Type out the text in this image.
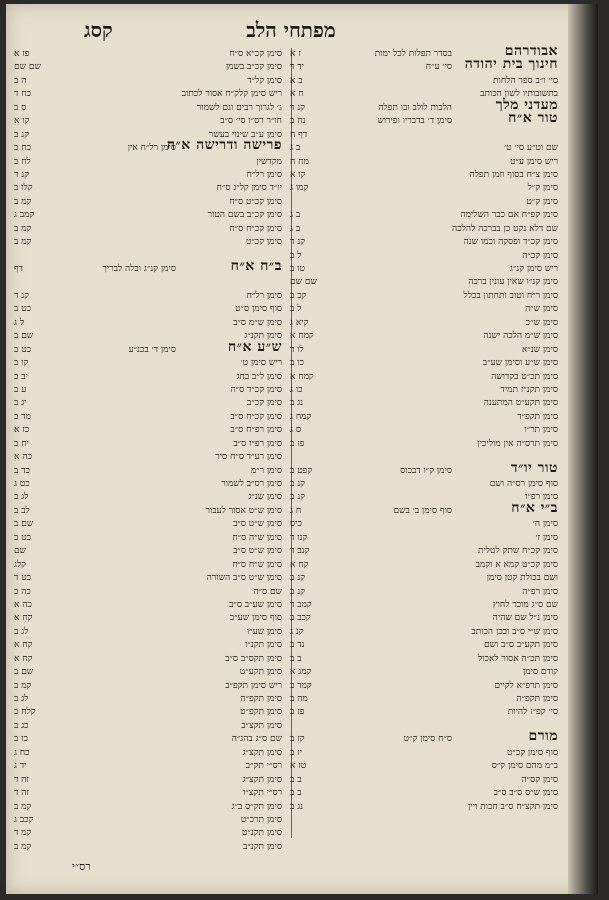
מפתחי הלב
קסג
אבודרהם
בסדר תפלות לכל ימות
ז א
חינוך בית יהודה
סי׳ ע״ח
יד ד
סי׳ ו״ב ספר הלחות
ב א
בתשובותיו לשון הכותב
ח א
מעדני מלך
הלכות לולב ובו תפלה
קנ ד
טור א״ח
סימן ד׳ בדבריו ופירוש
נח ב
דף ח
שם וט״ע סי׳ ט׳
ב ג
ריש סימן ע״ט
מח ח
סימן צ״ח בסוף וזמן תפלה
קו א
סימן ק״ל
קמו ג
סימן ק״ט
סימן קפ״ח אם כבר השלימה
ב ג
שם דלא נקט כן בברכה להלכה
ב ג
סימן קכ״ד ופסקה וכמו שנה
קנ ד
סימן קכ״ה
ל ב
ריש סימן קנ״ג
טו ב
סימן קנ״ו שאין עונין ברכה
שם שם
סימן ר״ח וטוב ותחתון בכלל
קכ ב
סימן ש״ה
ל ב
סימן ש״כ
קיא ג
סימן ש״מ הלכה ישנה
קמח א
סימן שנ״א
לו ד
סימן ש״ע וסימן שע״ב
כו ב
סימן תכ״ט בקדושה
קמח א
סימן תקנ״ז תמיד
כו ג
סימן תקע״ט המתענה
נג ב
סימן תקפ״ד
קמח ג
סימן תר״ו
ס ג
סימן תרס״ה אין מוליכין
פז ב
טור יו״ד
סימן ק״ו דבכוס
קפט ב
סוף סימן רס״ה ושם
קנ ב
סימן רפ״ו
קנ ב
ב״י א״ח
סוף סימן ב׳ בשם
ח ג
סימן ה׳
כיס
סימן ז׳
קנו ד
סימן קכ״ח שתק לטלית
קנב ד
סימן קכ״ט קמא א וקמב
קח א
ושם בכולת קטן סימן
קנ ב
סימן רפ״ה
קנ ב
שם ס״ג מוכר לחוץ
קמב ד
סימן נ״ל שם שהיה
קכב ב
סימן ש״י ס״ב ובכן הכותב
קנ ג
סימן תקע״ב ס״ב ושם
נד ב
סימן תכ״ה אסור לאכול
ב ב
קודם סימן
קמג א
סימן תרפ״א לקיים
קמד ב
סימן תקפ״ה
מה ב
סי׳ קפ״ז להיות
פז ב
מורם
ס״ח סימן ק״ט
קז ב
סוף סימן קכ״ט
יז ב
ב״מ מהם סימן ק״ס
טז א
סימן קס״ה
ב ב
סימן ש״ס ס״ב ס״ב
ב ב
סימן תקצ״ח ס״ב חכות ויין
נג ב
סימן קכ״א ס״ח
פז א
סימן קכ״ב בשמן
שם שם
סימן קל״ד
ה ב
ריש סימן קלק״ח אסור לכתוב
כח ד
ג׳ לגרוך רבים וגם לשמור
ס ב
חו״ר רס״ו סי׳ ס״ב
קו א
סימן ע״ב שינוי בעשר
קנ ב
פרישה ודרישה א״ח
סימן רל״ח אין
כח ב
מקדשין
לח ב
סימן רל״ח
קנ ד
יו״ד סימן קל״ג ס״ח
קלו ב
סימן קכ״ט ס״ח
קמ ב
סימן קכ״ב בשם הטור
קמב ג
סימן קכ״ח ס״ח
קמ ב
סימן קכ״ט
קמ ב
ב״ח א״ח
סימן קנ״ג ובלה לבריך
דף
סימן רל״ח
קנ ד
סוף סימן ס״ט
כט ב
סימן ש״מ ס״ב
ל ג
סימן תקנ״ג
שם ב
ש״ע א״ח
סימן ד׳ בכנ״ע
כט ב
ריש סימן ט׳
קו ב
סימן ל״ב בחג
יב ב
סימן קכ״ד ס״ח
ע ב
סימן קכ״ב
יג ב
סימן קכ״ח ס״ב
מד ב
סימן רפ״ח ס״ב
כז א
סימן רפ״ו ס״ב
יח ב
סימן רע״ד ס״ח סיר
כה א
סימן ר״מ
כד ב
סימן רס״ב לשמור
כט ג
סימן שנ״ג
לג ב
סימן ש״ט אסור לעבור
לב ב
סימן ש״ט ס״ב
שם ב
סימן ש״ה ס״ח
כט ב
סימן ש״ט ס״ב
שם
סימן ש״ח ס״ח
קלג
סימן ש״ט ס״ב השורה
כט ד
שם ס״ה
כה ב
סימן שע״ב ס״ב
כה א
סוף סימן שע״ב
קח א
סימן שע״ו
לג ב
סימן תקנ״ו
קח א
סימן תקס״ב ס״ב
קח א
סימן תקע״ט
שם ב
ריש סימן תקפ״ב
קמ ב
סימן תקפ״ה
לג ב
סימן תקפ״ט
קלח ב
סימן תקצ״ב
כג ב
שם ס״ג בהג״ה
כו ב
סימן תקצ״ג
כח ג
רס״י תק״ב
יד ג
סימן תקצ״ג
זה ד
רס״י תקצ״ו
זה ד
סימן תק״ס ב״ג
קמ ב
סימן תרכ״ט
קכב ג
סימן תקנ״ט
קמ ד
סימן תקנ״ב
קמ ב
רס״י
